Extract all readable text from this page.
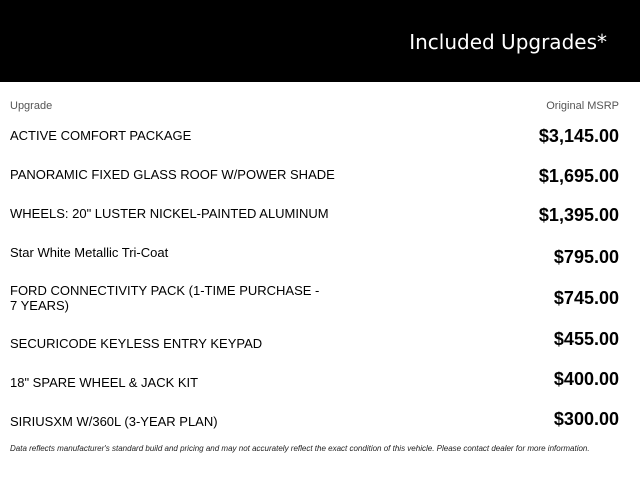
Included Upgrades*
Upgrade	Original MSRP
ACTIVE COMFORT PACKAGE	$3,145.00
PANORAMIC FIXED GLASS ROOF W/POWER SHADE	$1,695.00
WHEELS: 20" LUSTER NICKEL-PAINTED ALUMINUM	$1,395.00
Star White Metallic Tri-Coat	$795.00
FORD CONNECTIVITY PACK (1-TIME PURCHASE - 7 YEARS)	$745.00
SECURICODE KEYLESS ENTRY KEYPAD	$455.00
18" SPARE WHEEL & JACK KIT	$400.00
SIRIUSXM W/360L (3-YEAR PLAN)	$300.00
Data reflects manufacturer's standard build and pricing and may not accurately reflect the exact condition of this vehicle. Please contact dealer for more information.
